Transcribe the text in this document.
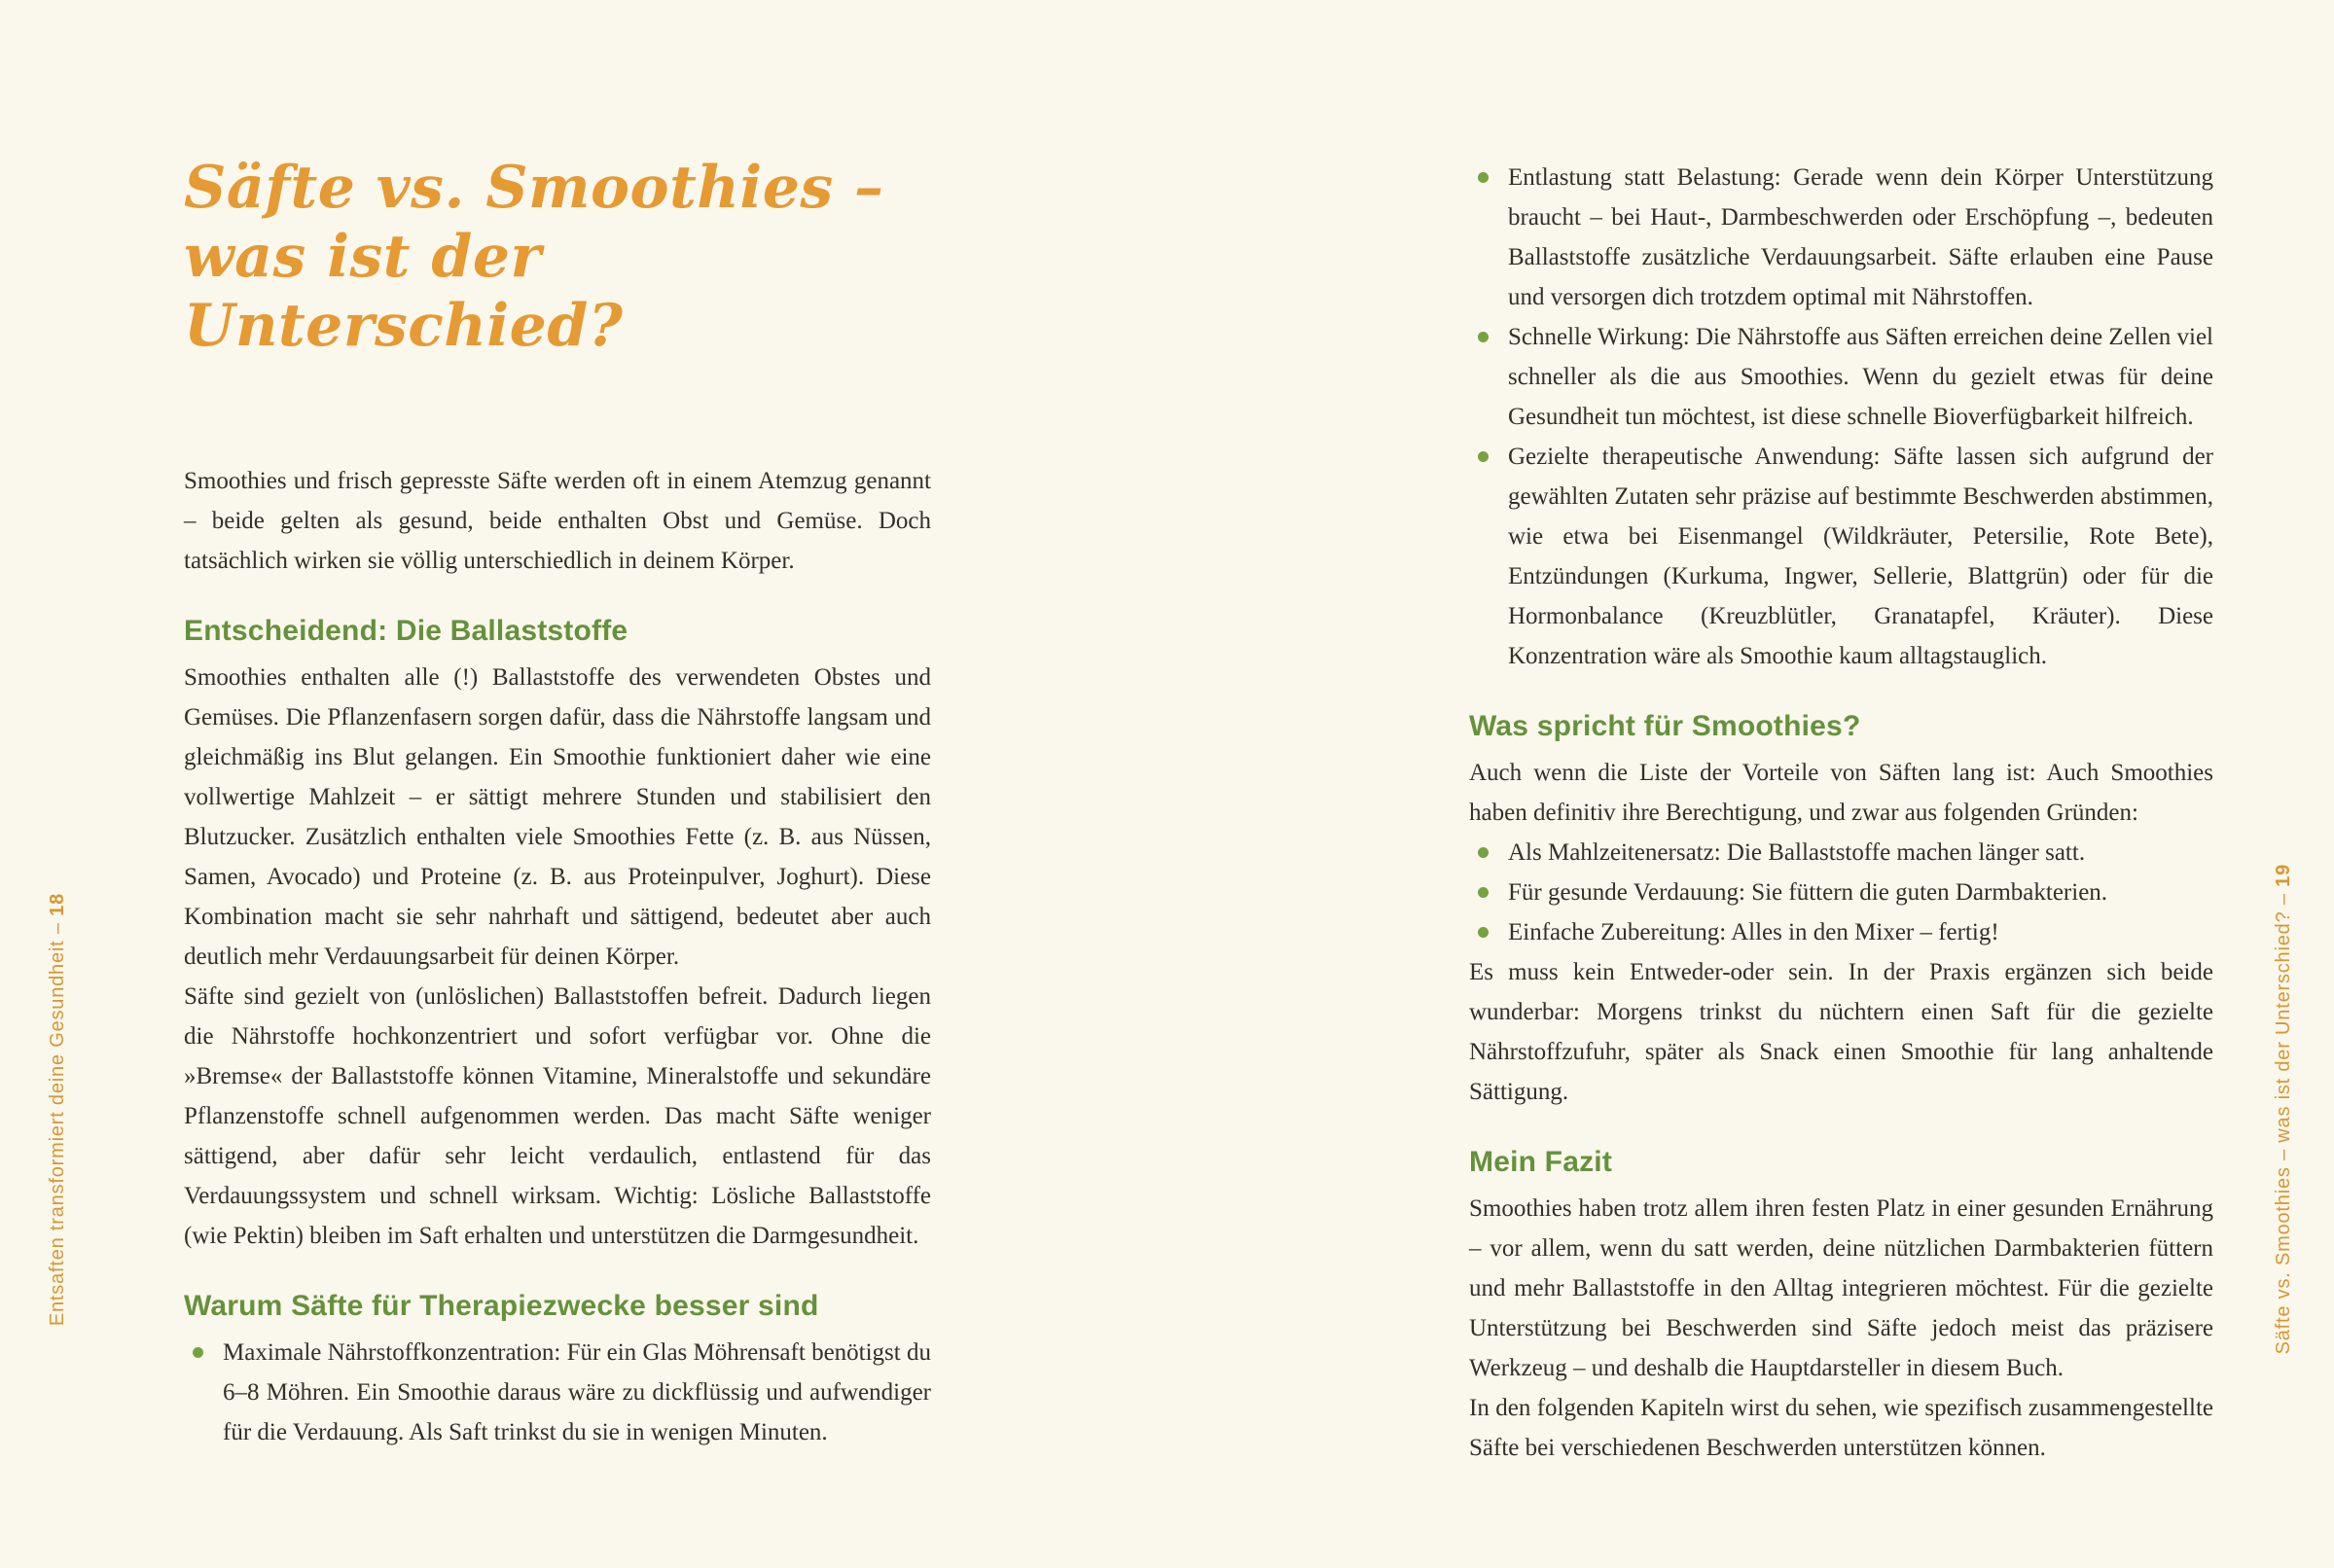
Säfte vs. Smoothies –
was ist der Unterschied?

Smoothies und frisch gepresste Säfte werden oft in einem Atemzug genannt – beide gelten als gesund, beide enthalten Obst und Gemüse. Doch tatsächlich wirken sie völlig unterschiedlich in deinem Körper.

Entscheidend: Die Ballaststoffe

Smoothies enthalten alle (!) Ballaststoffe des verwendeten Obstes und Gemüses. Die Pflanzenfasern sorgen dafür, dass die Nährstoffe langsam und gleichmäßig ins Blut gelangen. Ein Smoothie funktioniert daher wie eine vollwertige Mahlzeit – er sättigt mehrere Stunden und stabilisiert den Blutzucker. Zusätzlich enthalten viele Smoothies Fette (z. B. aus Nüssen, Samen, Avocado) und Proteine (z. B. aus Proteinpulver, Joghurt). Diese Kombination macht sie sehr nahrhaft und sättigend, bedeutet aber auch deutlich mehr Verdauungsarbeit für deinen Körper.

Säfte sind gezielt von (unlöslichen) Ballaststoffen befreit. Dadurch liegen die Nährstoffe hochkonzentriert und sofort verfügbar vor. Ohne die »Bremse« der Ballaststoffe können Vitamine, Mineralstoffe und sekundäre Pflanzenstoffe schnell aufgenommen werden. Das macht Säfte weniger sättigend, aber dafür sehr leicht verdaulich, entlastend für das Verdauungssystem und schnell wirksam. Wichtig: Lösliche Ballaststoffe (wie Pektin) bleiben im Saft erhalten und unterstützen die Darmgesundheit.

Warum Säfte für Therapiezwecke besser sind
Maximale Nährstoffkonzentration: Für ein Glas Möhrensaft benötigst du 6–8 Möhren. Ein Smoothie daraus wäre zu dickflüssig und aufwendiger für die Verdauung. Als Saft trinkst du sie in wenigen Minuten.
Entlastung statt Belastung: Gerade wenn dein Körper Unterstützung braucht – bei Haut-, Darmbeschwerden oder Erschöpfung –, bedeuten Ballaststoffe zusätzliche Verdauungsarbeit. Säfte erlauben eine Pause und versorgen dich trotzdem optimal mit Nährstoffen.
Schnelle Wirkung: Die Nährstoffe aus Säften erreichen deine Zellen viel schneller als die aus Smoothies. Wenn du gezielt etwas für deine Gesundheit tun möchtest, ist diese schnelle Bioverfügbarkeit hilfreich.
Gezielte therapeutische Anwendung: Säfte lassen sich aufgrund der gewählten Zutaten sehr präzise auf bestimmte Beschwerden abstimmen, wie etwa bei Eisenmangel (Wildkräuter, Petersilie, Rote Bete), Entzündungen (Kurkuma, Ingwer, Sellerie, Blattgrün) oder für die Hormonbalance (Kreuzblütler, Granatapfel, Kräuter). Diese Konzentration wäre als Smoothie kaum alltagstauglich.
Was spricht für Smoothies?

Auch wenn die Liste der Vorteile von Säften lang ist: Auch Smoothies haben definitiv ihre Berechtigung, und zwar aus folgenden Gründen:

Als Mahlzeitenersatz: Die Ballaststoffe machen länger satt.
Für gesunde Verdauung: Sie füttern die guten Darmbakterien.
Einfache Zubereitung: Alles in den Mixer – fertig!

Es muss kein Entweder-oder sein. In der Praxis ergänzen sich beide wunderbar: Morgens trinkst du nüchtern einen Saft für die gezielte Nährstoffzufuhr, später als Snack einen Smoothie für lang anhaltende Sättigung.

Mein Fazit

Smoothies haben trotz allem ihren festen Platz in einer gesunden Ernährung – vor allem, wenn du satt werden, deine nützlichen Darmbakterien füttern und mehr Ballaststoffe in den Alltag integrieren möchtest. Für die gezielte Unterstützung bei Beschwerden sind Säfte jedoch meist das präzisere Werkzeug – und deshalb die Hauptdarsteller in diesem Buch.

In den folgenden Kapiteln wirst du sehen, wie spezifisch zusammengestellte Säfte bei verschiedenen Beschwerden unterstützen können.

Entsaften transformiert deine Gesundheit – 18	Säfte vs. Smoothies – was ist der Unterschied? – 19
